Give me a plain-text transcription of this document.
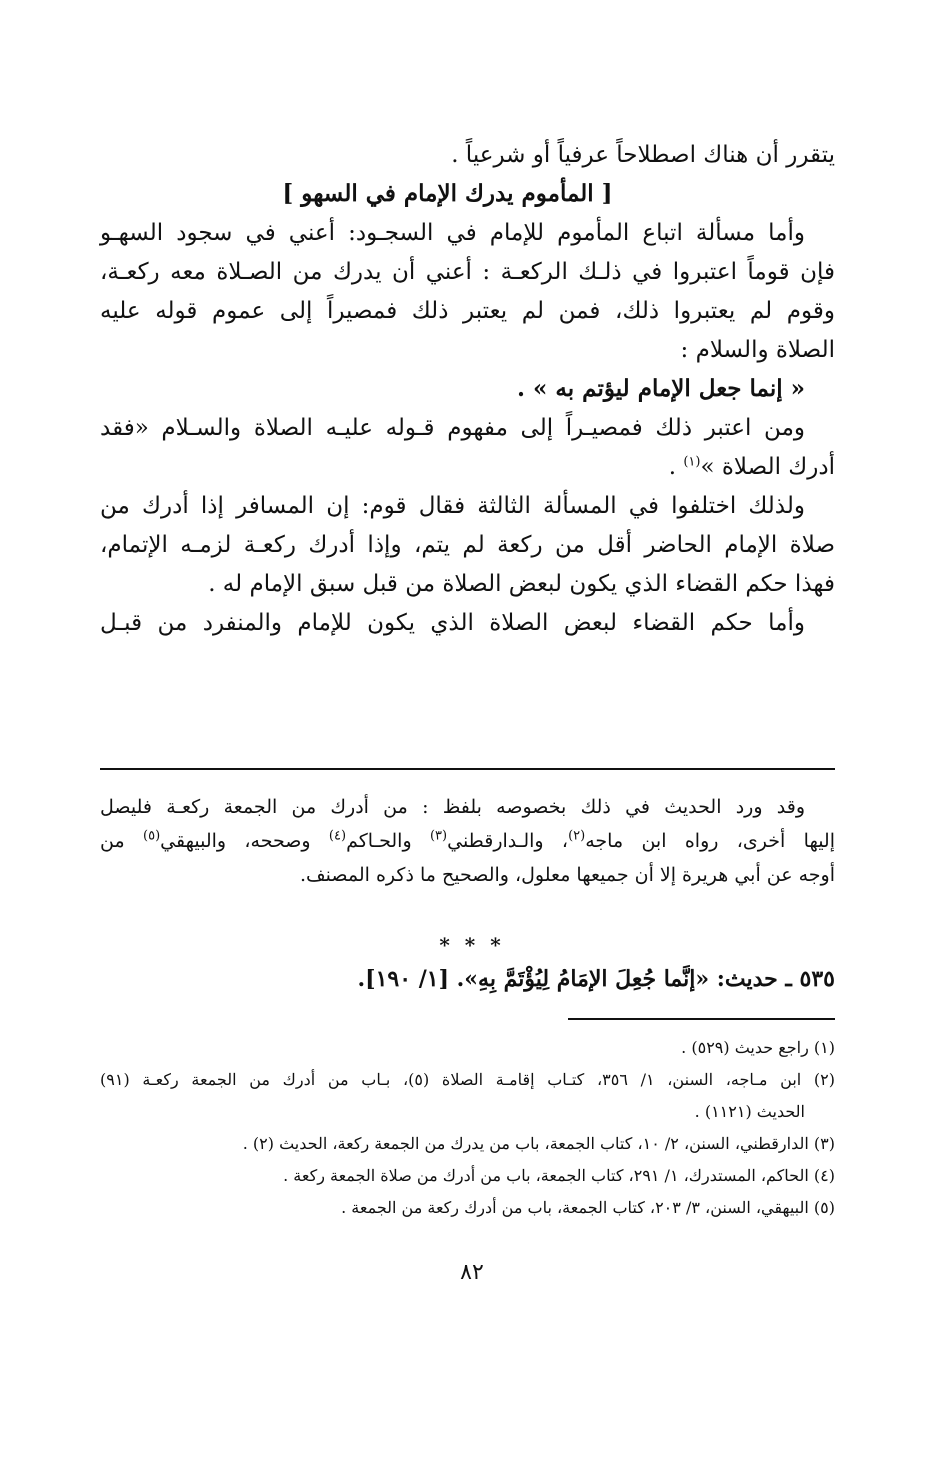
يتقرر أن هناك اصطلاحاً عرفياً أو شرعياً .
[ المأموم يدرك الإمام في السهو ]
وأما مسألة اتباع المأموم للإمام في السجـود: أعني في سجود السهـو
فإن قوماً اعتبروا في ذلـك الركعـة : أعني أن يدرك من الصـلاة معه ركعـة،
وقوم لم يعتبروا ذلك، فمن لم يعتبر ذلك فمصيراً إلى عموم قوله عليه
الصلاة والسلام :
« إنما جعل الإمام ليؤتم به » .
ومن اعتبر ذلك فمصيـراً إلى مفهوم قـوله عليـه الصلاة والسـلام «فقد
أدرك الصلاة »$^{(١)}$ .
ولذلك اختلفوا في المسألة الثالثة فقال قوم: إن المسافر إذا أدرك من
صلاة الإمام الحاضر أقل من ركعة لم يتم، وإذا أدرك ركعـة لزمـه الإتمام،
فهذا حكم القضاء الذي يكون لبعض الصلاة من قبل سبق الإمام له .
وأما حكم القضاء لبعض الصلاة الذي يكون للإمام والمنفرد من قبـل
وقد ورد الحديث في ذلك بخصوصه بلفظ : من أدرك من الجمعة ركعـة فليصل
إليها أخرى، رواه ابن ماجه$^{(٢)}$، والـدارقطني$^{(٣)}$ والحـاكم$^{(٤)}$ وصححه، والبيهقي$^{(٥)}$ من
أوجه عن أبي هريرة إلا أن جميعها معلول، والصحيح ما ذكره المصنف.
* * *
٥٣٥ ـ حديث: «إنَّما جُعِلَ الإمَامُ لِيُؤْتَمَّ بِهِ». [١/ ١٩٠].
(١) راجع حديث (٥٢٩) .
(٢) ابن مـاجه، السنن، ١/ ٣٥٦، كتـاب إقامـة الصلاة (٥)، بـاب من أدرك من الجمعة ركعـة (٩١)
الحديث (١١٢١) .
(٣) الدارقطني، السنن، ٢/ ١٠، كتاب الجمعة، باب من يدرك من الجمعة ركعة، الحديث (٢) .
(٤) الحاكم، المستدرك، ١/ ٢٩١، كتاب الجمعة، باب من أدرك من صلاة الجمعة ركعة .
(٥) البيهقي، السنن، ٣/ ٢٠٣، كتاب الجمعة، باب من أدرك ركعة من الجمعة .
٨٢
